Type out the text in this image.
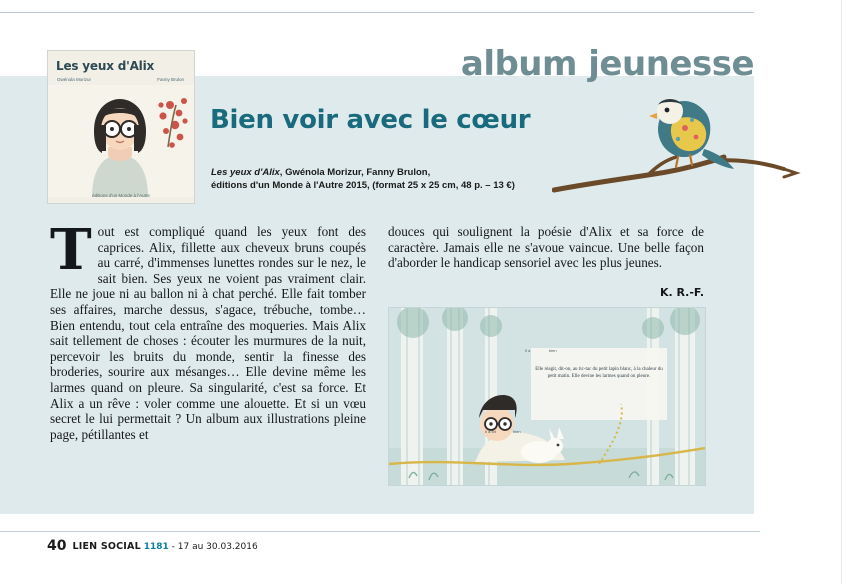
album jeunesse
Les yeux d'Alix
Gwénola Morizur	Fanny Brulon
éditions d'un Monde à l'Autre
Bien voir avec le cœur
Les yeux d'Alix, Gwénola Morizur, Fanny Brulon,
éditions d'un Monde à l'Autre 2015, (format 25 x 25 cm, 48 p. – 13 €)
Tout est compliqué quand les yeux font des caprices. Alix, fillette aux cheveux bruns coupés au carré, d'immenses lunettes rondes sur le nez, le sait bien. Ses yeux ne voient pas vraiment clair. Elle ne joue ni au ballon ni à chat perché. Elle fait tomber ses affaires, marche dessus, s'agace, trébuche, tombe… Bien entendu, tout cela entraîne des moqueries. Mais Alix sait tellement de choses : écouter les murmures de la nuit, percevoir les bruits du monde, sentir la finesse des broderies, sourire aux mésanges… Elle devine même les larmes quand on pleure. Sa singularité, c'est sa force. Et Alix a un rêve : voler comme une alouette. Et si un vœu secret le lui permettait ? Un album aux illustrations pleine page, pétillantes et
douces qui soulignent la poésie d'Alix et sa force de caractère. Jamais elle ne s'avoue vaincue. Une belle façon d'aborder le handicap sensoriel avec les plus jeunes.
K. R.-F.
Elle réagit, dit-on, au tic-tac du petit lapin blanc, à la chaleur du petit matin. Elle devine les larmes quand on pleure.
Il a	bien
Il a tôt	bien
40 LIEN SOCIAL 1181 - 17 au 30.03.2016
